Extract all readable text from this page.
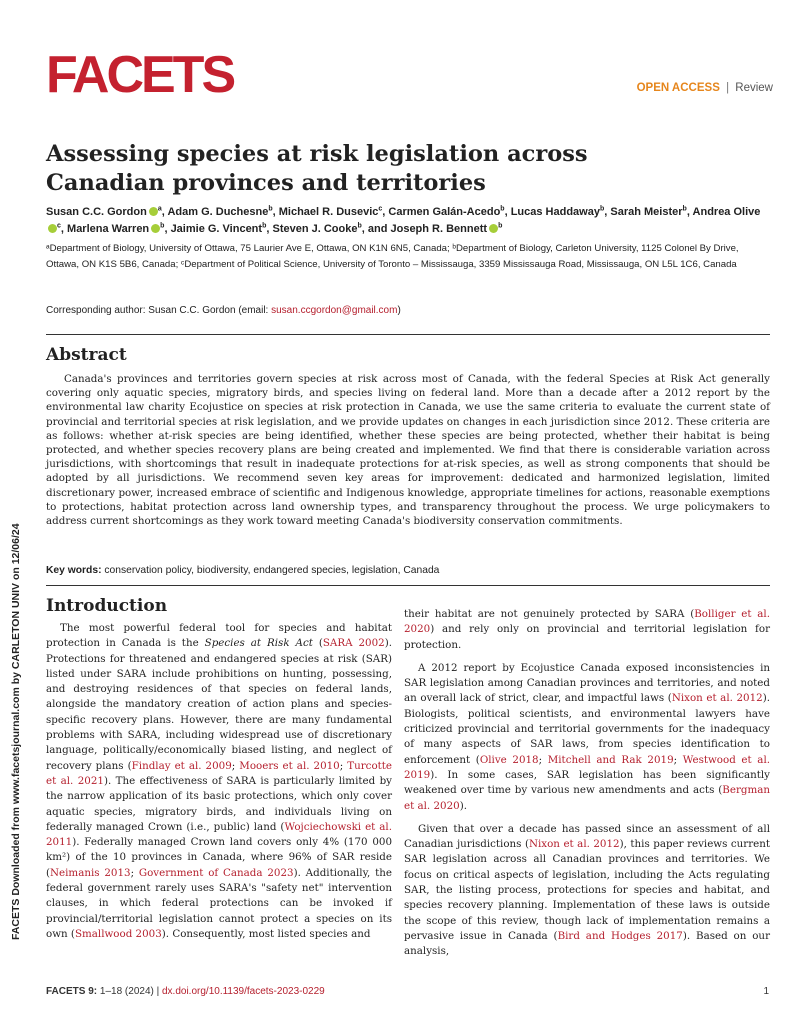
FACETS	OPEN ACCESS | Review
FACETS Downloaded from www.facetsjournal.com by CARLETON UNIV on 12/06/24
Assessing species at risk legislation across Canadian provinces and territories
Susan C.C. Gordon $^a$, Adam G. Duchesne$^b$, Michael R. Dusevic$^c$, Carmen Galán-Acedo$^b$, Lucas Haddaway$^b$, Sarah Meister$^b$, Andrea Olive$^c$, Marlena Warren $^b$, Jaimie G. Vincent$^b$, Steven J. Cooke$^b$, and Joseph R. Bennett $^b$
ᵃDepartment of Biology, University of Ottawa, 75 Laurier Ave E, Ottawa, ON K1N 6N5, Canada; ᵇDepartment of Biology, Carleton University, 1125 Colonel By Drive, Ottawa, ON K1S 5B6, Canada; ᶜDepartment of Political Science, University of Toronto – Mississauga, 3359 Mississauga Road, Mississauga, ON L5L 1C6, Canada
Corresponding author: Susan C.C. Gordon (email: susan.ccgordon@gmail.com)
Abstract

Canada's provinces and territories govern species at risk across most of Canada, with the federal Species at Risk Act generally covering only aquatic species, migratory birds, and species living on federal land. More than a decade after a 2012 report by the environmental law charity Ecojustice on species at risk protection in Canada, we use the same criteria to evaluate the current state of provincial and territorial species at risk legislation, and we provide updates on changes in each jurisdiction since 2012. These criteria are as follows: whether at-risk species are being identified, whether these species are being protected, whether their habitat is being protected, and whether species recovery plans are being created and implemented. We find that there is considerable variation across jurisdictions, with shortcomings that result in inadequate protections for at-risk species, as well as strong components that should be adopted by all jurisdictions. We recommend seven key areas for improvement: dedicated and harmonized legislation, limited discretionary power, increased embrace of scientific and Indigenous knowledge, appropriate timelines for actions, reasonable exemptions to protections, habitat protection across land ownership types, and transparency throughout the process. We urge policymakers to address current shortcomings as they work toward meeting Canada's biodiversity conservation commitments.

Key words: conservation policy, biodiversity, endangered species, legislation, Canada
Introduction

The most powerful federal tool for species and habitat protection in Canada is the Species at Risk Act (SARA 2002). Protections for threatened and endangered species at risk (SAR) listed under SARA include prohibitions on hunting, possessing, and destroying residences of that species on federal lands, alongside the mandatory creation of action plans and species-specific recovery plans. However, there are many fundamental problems with SARA, including widespread use of discretionary language, politically/economically biased listing, and neglect of recovery plans (Findlay et al. 2009; Mooers et al. 2010; Turcotte et al. 2021). The effectiveness of SARA is particularly limited by the narrow application of its basic protections, which only cover aquatic species, migratory birds, and individuals living on federally managed Crown (i.e., public) land (Wojciechowski et al. 2011). Federally managed Crown land covers only 4% (170 000 km²) of the 10 provinces in Canada, where 96% of SAR reside (Neimanis 2013; Government of Canada 2023). Additionally, the federal government rarely uses SARA's "safety net" intervention clauses, in which federal protections can be invoked if provincial/territorial legislation cannot protect a species on its own (Smallwood 2003). Consequently, most listed species and

their habitat are not genuinely protected by SARA (Bolliger et al. 2020) and rely only on provincial and territorial legislation for protection.

A 2012 report by Ecojustice Canada exposed inconsistencies in SAR legislation among Canadian provinces and territories, and noted an overall lack of strict, clear, and impactful laws (Nixon et al. 2012). Biologists, political scientists, and environmental lawyers have criticized provincial and territorial governments for the inadequacy of many aspects of SAR laws, from species identification to enforcement (Olive 2018; Mitchell and Rak 2019; Westwood et al. 2019). In some cases, SAR legislation has been significantly weakened over time by various new amendments and acts (Bergman et al. 2020).

Given that over a decade has passed since an assessment of all Canadian jurisdictions (Nixon et al. 2012), this paper reviews current SAR legislation across all Canadian provinces and territories. We focus on critical aspects of legislation, including the Acts regulating SAR, the listing process, protections for species and habitat, and species recovery planning. Implementation of these laws is outside the scope of this review, though lack of implementation remains a pervasive issue in Canada (Bird and Hodges 2017). Based on our analysis,

FACETS 9: 1–18 (2024) | dx.doi.org/10.1139/facets-2023-0229	1
